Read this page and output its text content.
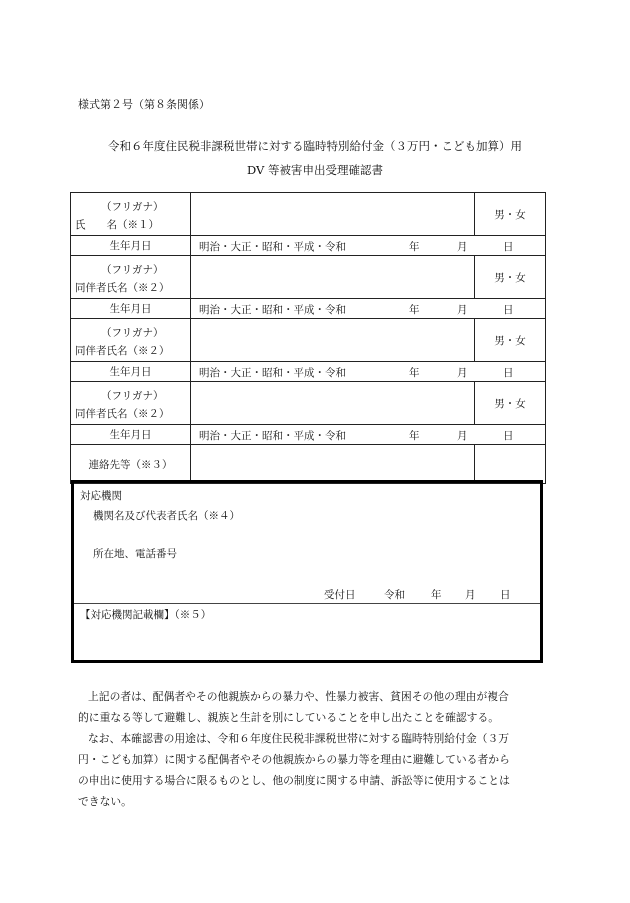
様式第２号（第８条関係）
令和６年度住民税非課税世帯に対する臨時特別給付金（３万円・こども加算）用
DV 等被害申出受理確認書
（フリガナ）
氏　　名（※１）		男・女
生年月日	明治・大正・昭和・平成・令和 年 月 日	

（フリガナ）
同伴者氏名（※２）		男・女
生年月日	明治・大正・昭和・平成・令和 年 月 日	

（フリガナ）
同伴者氏名（※２）		男・女
生年月日	明治・大正・昭和・平成・令和 年 月 日	

（フリガナ）
同伴者氏名（※２）		男・女
生年月日	明治・大正・昭和・平成・令和 年 月 日	

連絡先等（※３）		
対応機関
機関名及び代表者氏名（※４）
所在地、電話番号
受付日	令和 年 月 日
【対応機関記載欄】（※５）
上記の者は、配偶者やその他親族からの暴力や、性暴力被害、貧困その他の理由が複合
的に重なる等して避難し、親族と生計を別にしていることを申し出たことを確認する。
なお、本確認書の用途は、令和６年度住民税非課税世帯に対する臨時特別給付金（３万
円・こども加算）に関する配偶者やその他親族からの暴力等を理由に避難している者から
の申出に使用する場合に限るものとし、他の制度に関する申請、訴訟等に使用することは
できない。
